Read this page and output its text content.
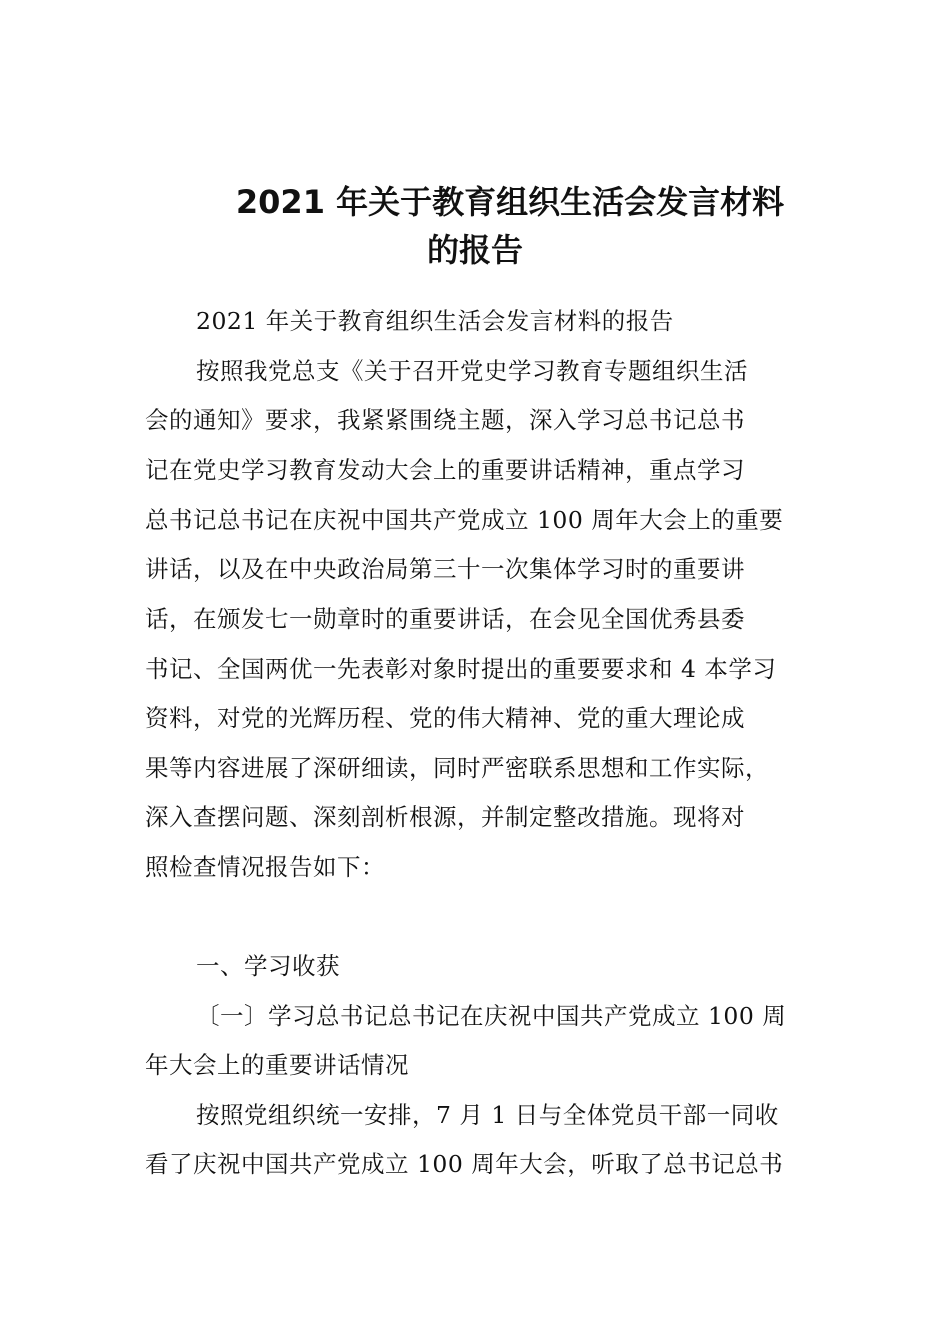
2021 年关于教育组织生活会发言材料
的报告

2021 年关于教育组织生活会发言材料的报告

按照我党总支《关于召开党史学习教育专题组织生活

会的通知》要求，我紧紧围绕主题，深入学习总书记总书

记在党史学习教育发动大会上的重要讲话精神，重点学习

总书记总书记在庆祝中国共产党成立 100 周年大会上的重要

讲话，以及在中央政治局第三十一次集体学习时的重要讲

话，在颁发七一勋章时的重要讲话，在会见全国优秀县委

书记、全国两优一先表彰对象时提出的重要要求和 4 本学习

资料，对党的光辉历程、党的伟大精神、党的重大理论成

果等内容进展了深研细读，同时严密联系思想和工作实际，

深入查摆问题、深刻剖析根源，并制定整改措施。现将对

照检查情况报告如下：

一、学习收获

〔一〕学习总书记总书记在庆祝中国共产党成立 100 周

年大会上的重要讲话情况

按照党组织统一安排，7 月 1 日与全体党员干部一同收

看了庆祝中国共产党成立 100 周年大会，听取了总书记总书
